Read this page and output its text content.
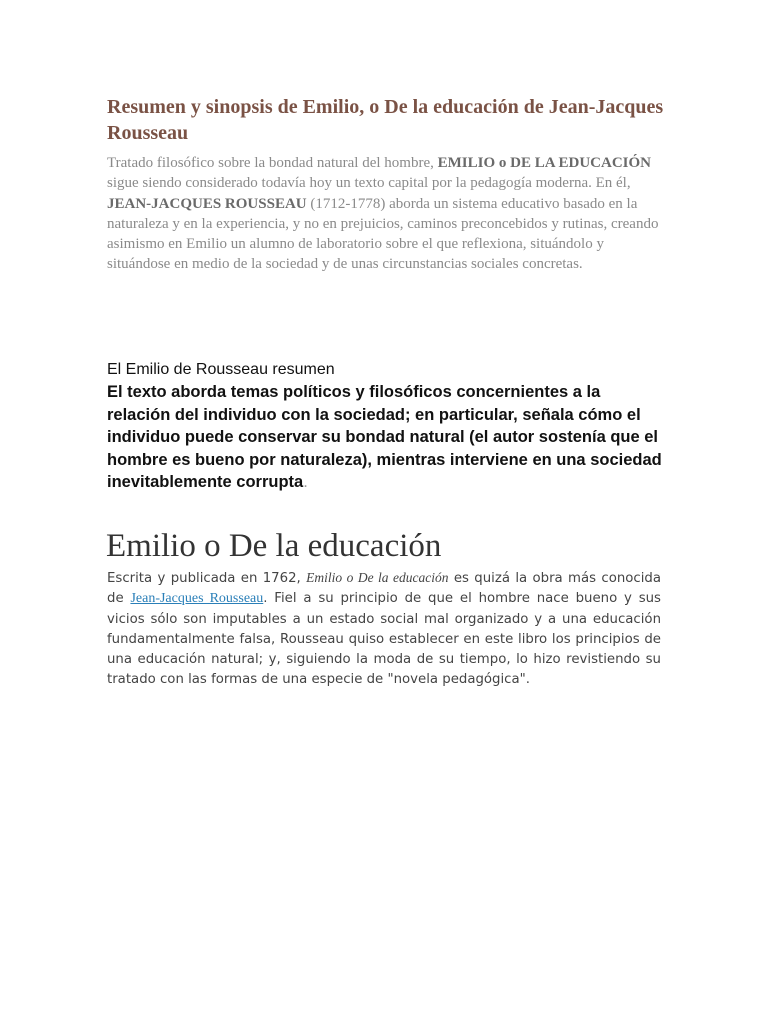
Resumen y sinopsis de Emilio, o De la educación de Jean-Jacques Rousseau

Tratado filosófico sobre la bondad natural del hombre, EMILIO o DE LA EDUCACIÓN sigue siendo considerado todavía hoy un texto capital por la pedagogía moderna. En él, JEAN-JACQUES ROUSSEAU (1712-1778) aborda un sistema educativo basado en la naturaleza y en la experiencia, y no en prejuicios, caminos preconcebidos y rutinas, creando asimismo en Emilio un alumno de laboratorio sobre el que reflexiona, situándolo y situándose en medio de la sociedad y de unas circunstancias sociales concretas.

El Emilio de Rousseau resumen

El texto aborda temas políticos y filosóficos concernientes a la relación del individuo con la sociedad; en particular, señala cómo el individuo puede conservar su bondad natural (el autor sostenía que el hombre es bueno por naturaleza), mientras interviene en una sociedad inevitablemente corrupta.

Emilio o De la educación

Escrita y publicada en 1762, Emilio o De la educación es quizá la obra más conocida de Jean-Jacques Rousseau. Fiel a su principio de que el hombre nace bueno y sus vicios sólo son imputables a un estado social mal organizado y a una educación fundamentalmente falsa, Rousseau quiso establecer en este libro los principios de una educación natural; y, siguiendo la moda de su tiempo, lo hizo revistiendo su tratado con las formas de una especie de "novela pedagógica".
